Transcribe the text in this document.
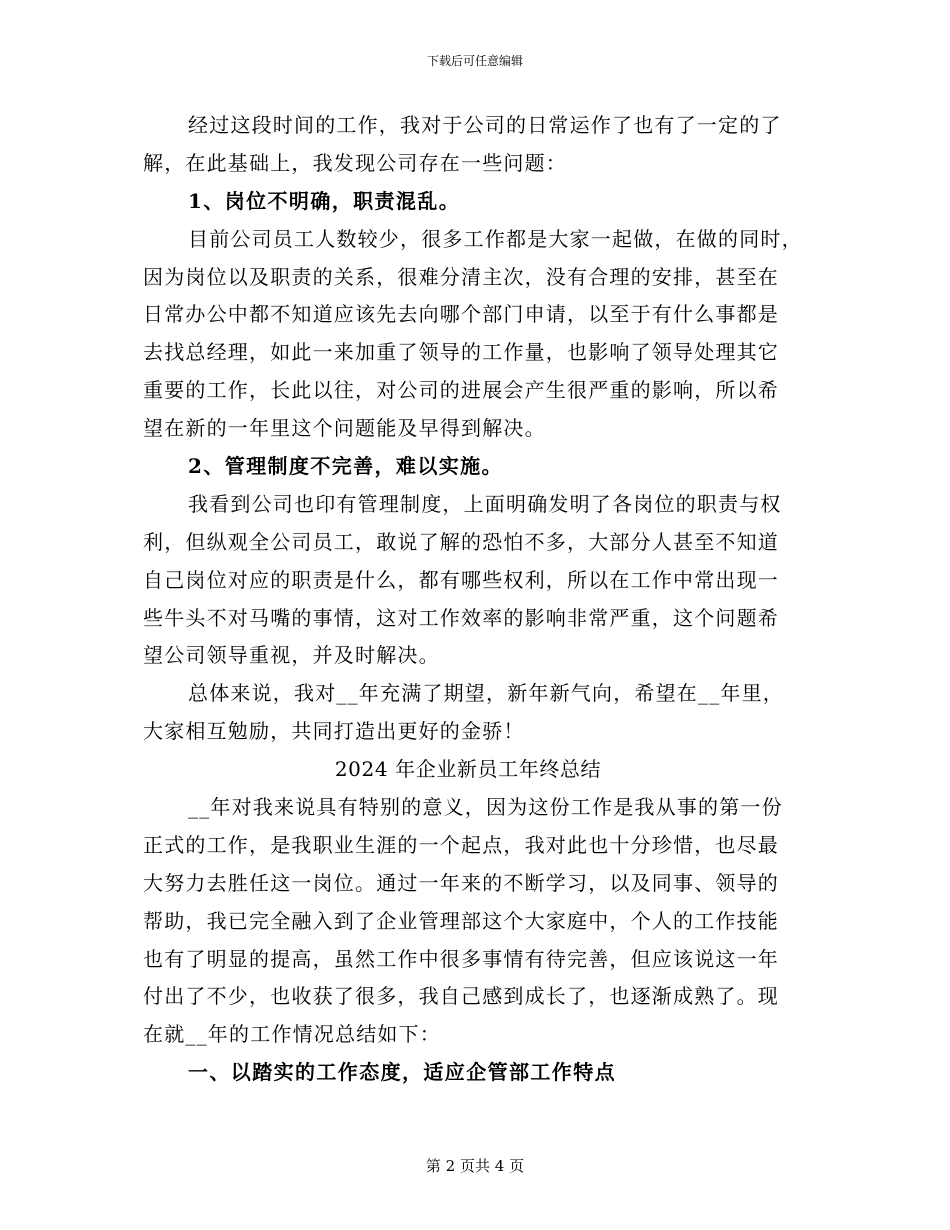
下载后可任意编辑
经过这段时间的工作，我对于公司的日常运作了也有了一定的了
解，在此基础上，我发现公司存在一些问题：
1、岗位不明确，职责混乱。
目前公司员工人数较少，很多工作都是大家一起做，在做的同时，
因为岗位以及职责的关系，很难分清主次，没有合理的安排，甚至在
日常办公中都不知道应该先去向哪个部门申请，以至于有什么事都是
去找总经理，如此一来加重了领导的工作量，也影响了领导处理其它
重要的工作，长此以往，对公司的进展会产生很严重的影响，所以希
望在新的一年里这个问题能及早得到解决。
2、管理制度不完善，难以实施。
我看到公司也印有管理制度，上面明确发明了各岗位的职责与权
利，但纵观全公司员工，敢说了解的恐怕不多，大部分人甚至不知道
自己岗位对应的职责是什么，都有哪些权利，所以在工作中常出现一
些牛头不对马嘴的事情，这对工作效率的影响非常严重，这个问题希
望公司领导重视，并及时解决。
总体来说，我对__年充满了期望，新年新气向，希望在__年里，
大家相互勉励，共同打造出更好的金骄！
2024 年企业新员工年终总结
__年对我来说具有特别的意义，因为这份工作是我从事的第一份
正式的工作，是我职业生涯的一个起点，我对此也十分珍惜，也尽最
大努力去胜任这一岗位。通过一年来的不断学习，以及同事、领导的
帮助，我已完全融入到了企业管理部这个大家庭中，个人的工作技能
也有了明显的提高，虽然工作中很多事情有待完善，但应该说这一年
付出了不少，也收获了很多，我自己感到成长了，也逐渐成熟了。现
在就__年的工作情况总结如下：
一、以踏实的工作态度，适应企管部工作特点
第 2 页共 4 页
